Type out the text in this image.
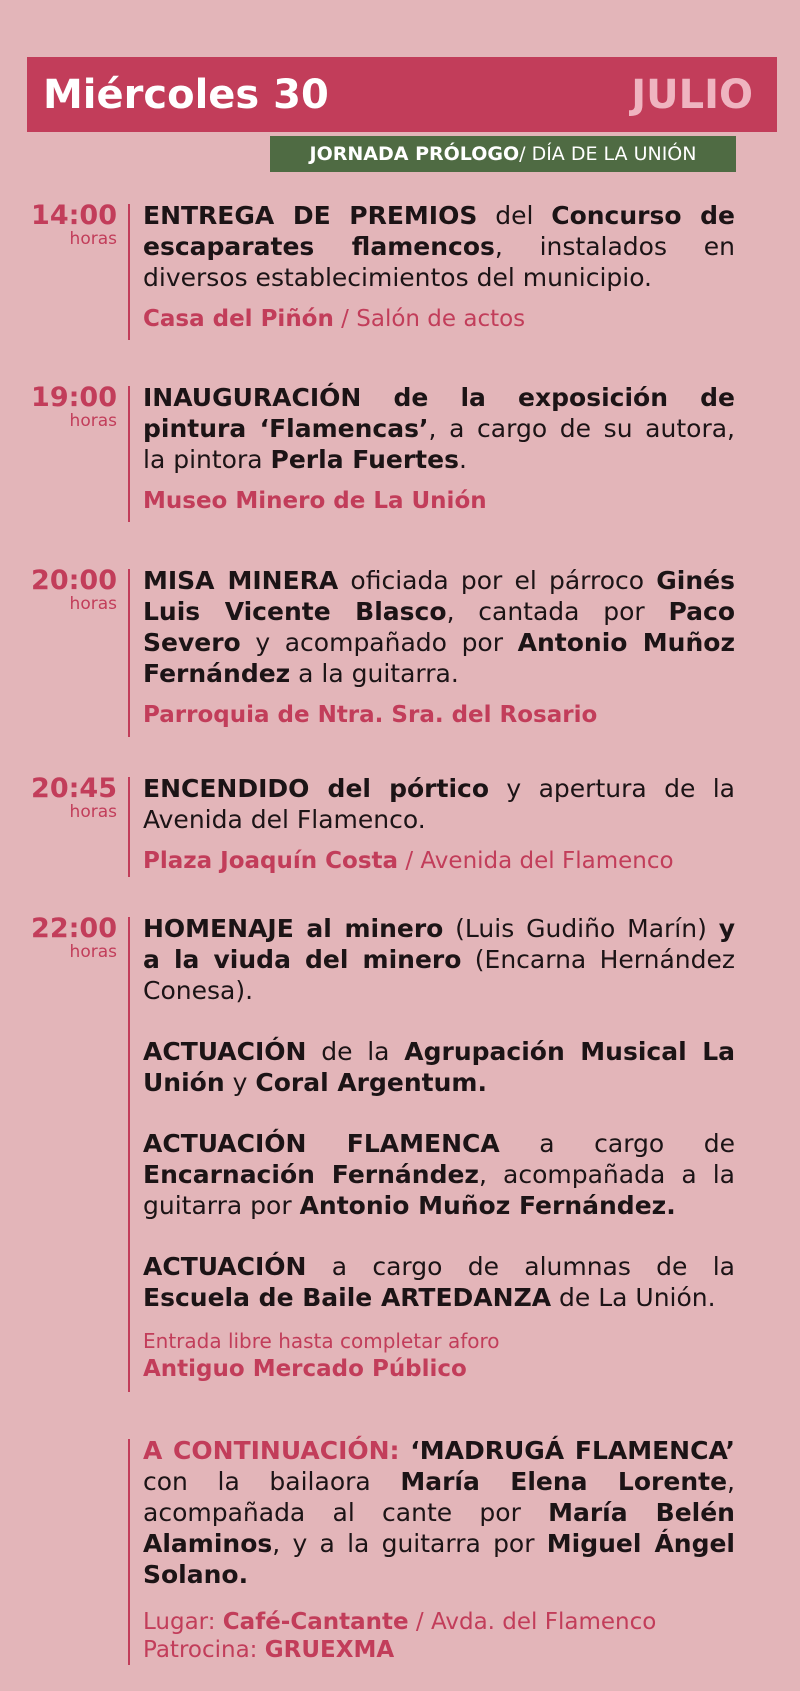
Miércoles 30	JULIO
JORNADA PRÓLOGO / DÍA DE LA UNIÓN
14:00
horas

ENTREGA DE PREMIOS del Concurso de escaparates flamencos, instalados en diversos establecimientos del municipio.

Casa del Piñón / Salón de actos
19:00
horas

INAUGURACIÓN de la exposición de pintura ‘Flamencas’, a cargo de su autora, la pintora Perla Fuertes.

Museo Minero de La Unión
20:00
horas

MISA MINERA oficiada por el párroco Ginés Luis Vicente Blasco, cantada por Paco Severo y acompañado por Antonio Muñoz Fernández a la guitarra.

Parroquia de Ntra. Sra. del Rosario
20:45
horas

ENCENDIDO del pórtico y apertura de la Avenida del Flamenco.

Plaza Joaquín Costa / Avenida del Flamenco
22:00
horas

HOMENAJE al minero (Luis Gudiño Marín) y a la viuda del minero (Encarna Hernández Conesa).

ACTUACIÓN de la Agrupación Musical La Unión y Coral Argentum.

ACTUACIÓN FLAMENCA a cargo de Encarnación Fernández, acompañada a la guitarra por Antonio Muñoz Fernández.

ACTUACIÓN a cargo de alumnas de la Escuela de Baile ARTEDANZA de La Unión.

Entrada libre hasta completar aforo
Antiguo Mercado Público

A CONTINUACIÓN: ‘MADRUGÁ FLAMENCA’ con la bailaora María Elena Lorente, acompañada al cante por María Belén Alaminos, y a la guitarra por Miguel Ángel Solano.

Lugar: Café-Cantante / Avda. del Flamenco
Patrocina: GRUEXMA
